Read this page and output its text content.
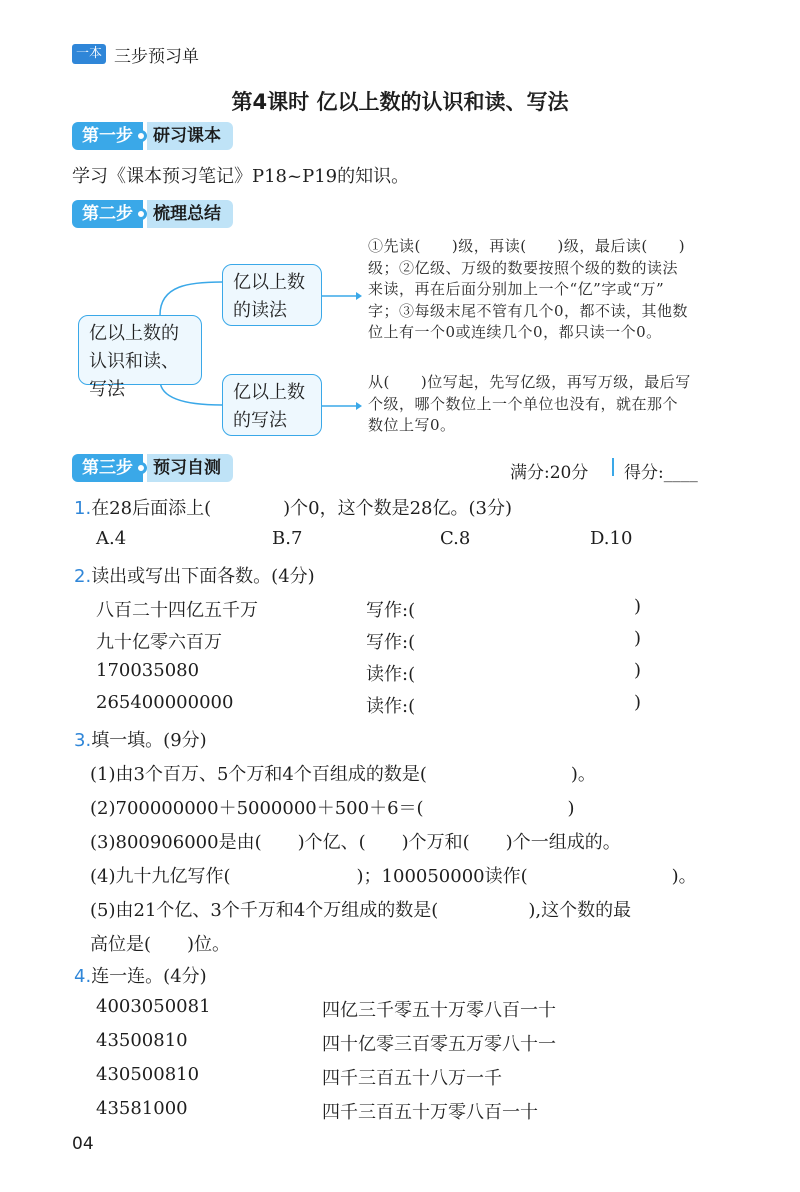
一本 三步预习单
第4课时 亿以上数的认识和读、写法
第一步	研习课本
学习《课本预习笔记》P18~P19的知识。
第二步	梳理总结
亿以上数的认识和读、写法
亿以上数的读法
亿以上数的写法
①先读(　　)级，再读(　　)级，最后读(　　)
级；②亿级、万级的数要按照个级的数的读法
来读，再在后面分别加上一个“亿”字或“万”
字；③每级末尾不管有几个0，都不读，其他数
位上有一个0或连续几个0，都只读一个0。
从(　　)位写起，先写亿级，再写万级，最后写
个级，哪个数位上一个单位也没有，就在那个
数位上写0。
第三步	预习自测	满分:20分 得分:____
1.在28后面添上(　　　　)个0，这个数是28亿。(3分)
A.4	B.7	C.8	D.10
2.读出或写出下面各数。(4分)
八百二十四亿五千万	写作:(	)
九十亿零六百万	写作:(	)
170035080	读作:(	)
265400000000	读作:(	)
3.填一填。(9分)
(1)由3个百万、5个万和4个百组成的数是(　　　　　　　　)。
(2)700000000＋5000000＋500＋6＝(　　　　　　　　)
(3)800906000是由(　　)个亿、(　　)个万和(　　)个一组成的。
(4)九十九亿写作(　　　　　　　)；100050000读作(　　　　　　　　)。
(5)由21个亿、3个千万和4个万组成的数是(　　　　　),这个数的最
高位是(　　)位。
4.连一连。(4分)
4003050081
43500810
430500810
43581000
四亿三千零五十万零八百一十
四十亿零三百零五万零八十一
四千三百五十八万一千
四千三百五十万零八百一十
04
